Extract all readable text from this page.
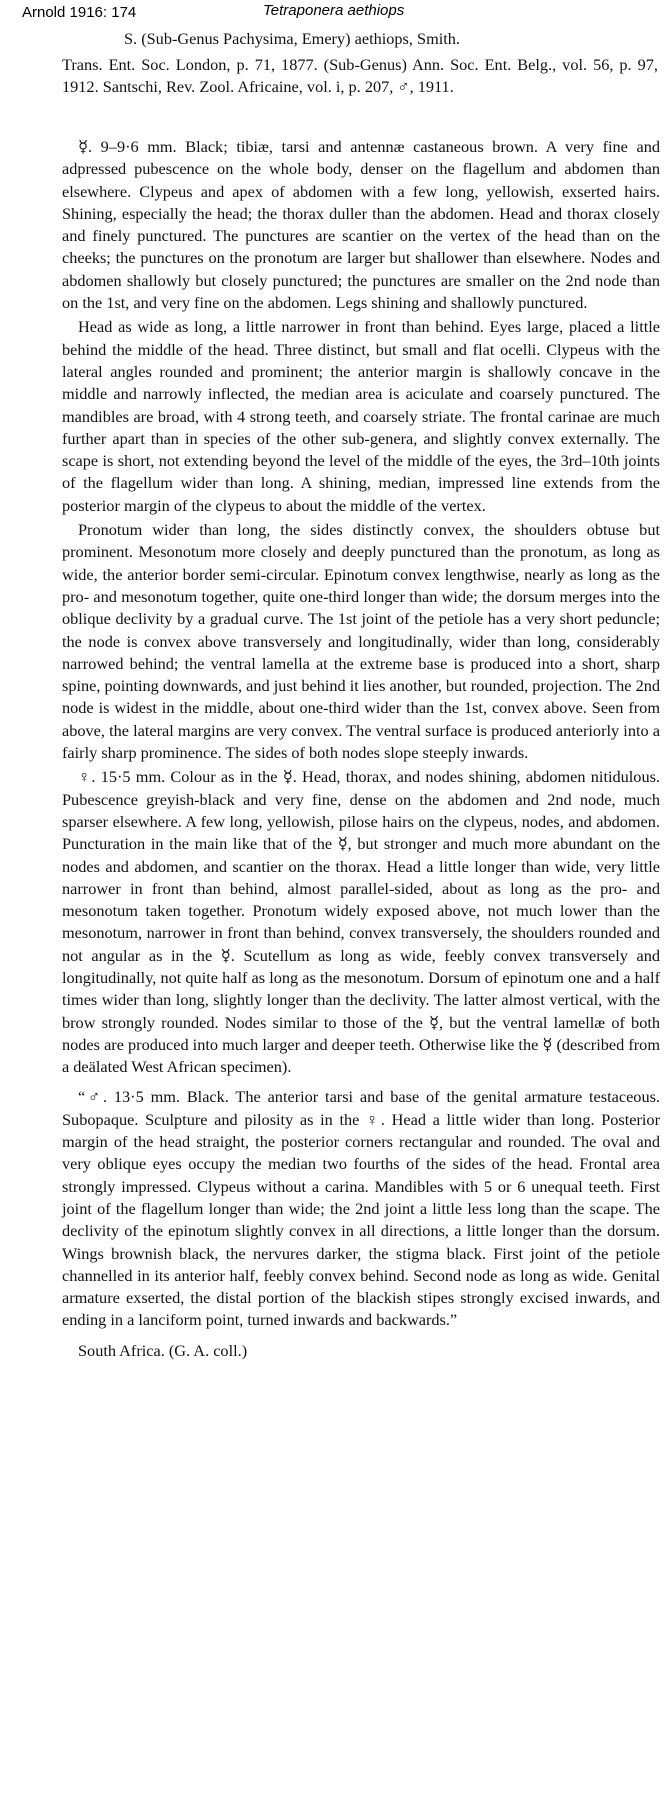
Arnold 1916: 174	Tetraponera aethiops
S. (Sub-Genus Pachysima, Emery) aethiops, Smith.
Trans. Ent. Soc. London, p. 71, 1877. (Sub-Genus) Ann. Soc. Ent. Belg., vol. 56, p. 97, 1912. Santschi, Rev. Zool. Africaine, vol. i, p. 207, ♂, 1911.

☿. 9–9·6 mm. Black; tibiæ, tarsi and antennæ castaneous brown. A very fine and adpressed pubescence on the whole body, denser on the flagellum and abdomen than elsewhere. Clypeus and apex of abdomen with a few long, yellowish, exserted hairs. Shining, especially the head; the thorax duller than the abdomen. Head and thorax closely and finely punctured. The punctures are scantier on the vertex of the head than on the cheeks; the punctures on the pronotum are larger but shallower than elsewhere. Nodes and abdomen shallowly but closely punctured; the punctures are smaller on the 2nd node than on the 1st, and very fine on the abdomen. Legs shining and shallowly punctured.

Head as wide as long, a little narrower in front than behind. Eyes large, placed a little behind the middle of the head. Three distinct, but small and flat ocelli. Clypeus with the lateral angles rounded and prominent; the anterior margin is shallowly concave in the middle and narrowly inflected, the median area is aciculate and coarsely punctured. The mandibles are broad, with 4 strong teeth, and coarsely striate. The frontal carinae are much further apart than in species of the other sub-genera, and slightly convex externally. The scape is short, not extending beyond the level of the middle of the eyes, the 3rd–10th joints of the flagellum wider than long. A shining, median, impressed line extends from the posterior margin of the clypeus to about the middle of the vertex.

Pronotum wider than long, the sides distinctly convex, the shoulders obtuse but prominent. Mesonotum more closely and deeply punctured than the pronotum, as long as wide, the anterior border semi-circular. Epinotum convex lengthwise, nearly as long as the pro- and mesonotum together, quite one-third longer than wide; the dorsum merges into the oblique declivity by a gradual curve. The 1st joint of the petiole has a very short peduncle; the node is convex above transversely and longitudinally, wider than long, considerably narrowed behind; the ventral lamella at the extreme base is produced into a short, sharp spine, pointing downwards, and just behind it lies another, but rounded, projection. The 2nd node is widest in the middle, about one-third wider than the 1st, convex above. Seen from above, the lateral margins are very convex. The ventral surface is produced anteriorly into a fairly sharp prominence. The sides of both nodes slope steeply inwards.

♀. 15·5 mm. Colour as in the ☿. Head, thorax, and nodes shining, abdomen nitidulous. Pubescence greyish-black and very fine, dense on the abdomen and 2nd node, much sparser elsewhere. A few long, yellowish, pilose hairs on the clypeus, nodes, and abdomen. Puncturation in the main like that of the ☿, but stronger and much more abundant on the nodes and abdomen, and scantier on the thorax. Head a little longer than wide, very little narrower in front than behind, almost parallel-sided, about as long as the pro- and mesonotum taken together. Pronotum widely exposed above, not much lower than the mesonotum, narrower in front than behind, convex transversely, the shoulders rounded and not angular as in the ☿. Scutellum as long as wide, feebly convex transversely and longitudinally, not quite half as long as the mesonotum. Dorsum of epinotum one and a half times wider than long, slightly longer than the declivity. The latter almost vertical, with the brow strongly rounded. Nodes similar to those of the ☿, but the ventral lamellæ of both nodes are produced into much larger and deeper teeth. Otherwise like the ☿ (described from a deälated West African specimen).

“♂. 13·5 mm. Black. The anterior tarsi and base of the genital armature testaceous. Subopaque. Sculpture and pilosity as in the ♀. Head a little wider than long. Posterior margin of the head straight, the posterior corners rectangular and rounded. The oval and very oblique eyes occupy the median two fourths of the sides of the head. Frontal area strongly impressed. Clypeus without a carina. Mandibles with 5 or 6 unequal teeth. First joint of the flagellum longer than wide; the 2nd joint a little less long than the scape. The declivity of the epinotum slightly convex in all directions, a little longer than the dorsum. Wings brownish black, the nervures darker, the stigma black. First joint of the petiole channelled in its anterior half, feebly convex behind. Second node as long as wide. Genital armature exserted, the distal portion of the blackish stipes strongly excised inwards, and ending in a lanciform point, turned inwards and backwards.”

South Africa. (G. A. coll.)
